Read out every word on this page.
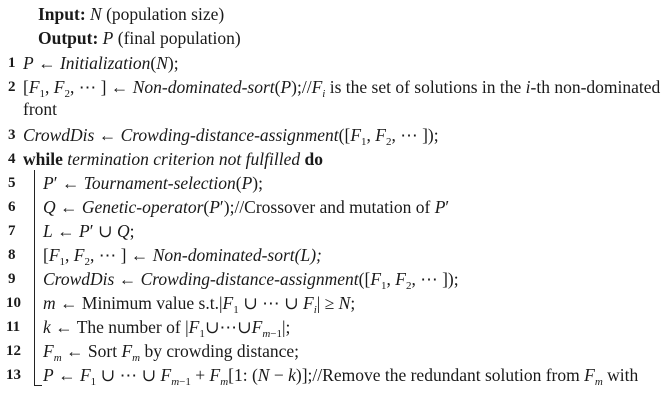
Input: N (population size)
Output: P (final population)
1 P ← Initialization(N);
2 [$F_1$, $F_2$, ⋯ ] ← Non-$dominated-sort(P);//F_i$ is the set of solutions in the i-th non-dominated
front
3 CrowdDis ← Crowding-$distance-assignment([F_1$, $F_2$, ⋯ ]);
4 while termination criterion not fulfilled do
5 P′ ← Tournament-selection(P);
6 Q ← Genetic-operator(P′);//Crossover and mutation of P′
7 L ← P′ ∪ Q;
8 [$F_1$, $F_2$, ⋯ ] ← Non-dominated-sort(L);
9 CrowdDis ← Crowding-$distance-assignment([F_1$, $F_2$, ⋯ ]);
10 m ← Minimum value $s.t.|F_1$ ∪ ⋯ ∪ $F_i| \ge N$;
11 k ← The number of $|F_1\cup\cdots\cup F_{m-1}|$;
12 $F_m$ ← Sort $F_m$ by crowding distance;
13 P ← $F_1$ ∪ ⋯ ∪ $F_{m-1} + F_m[1$: (N − k)];//Remove the redundant solution from $F_m$ with
